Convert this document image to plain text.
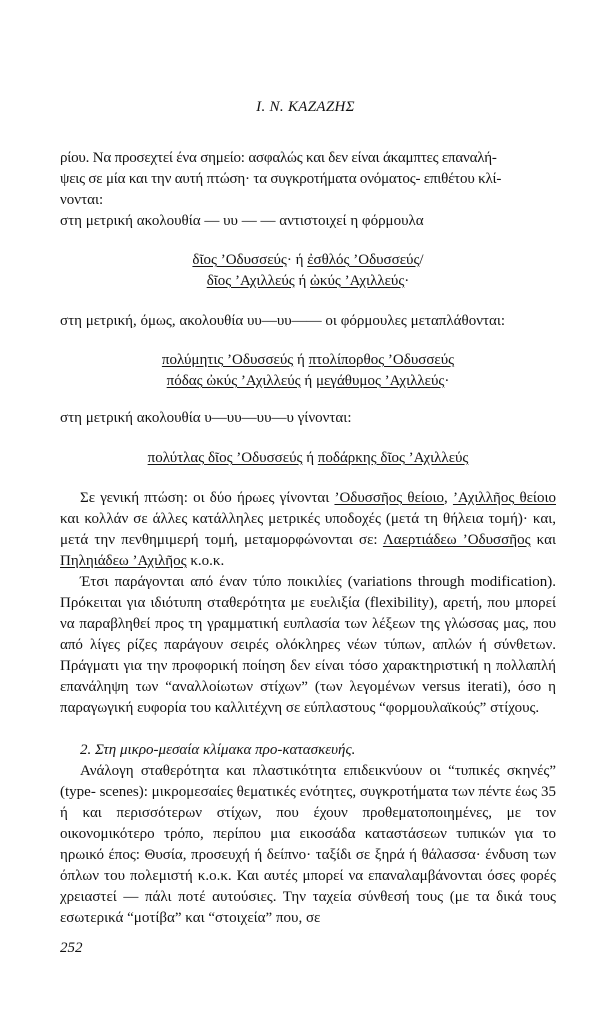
Ι. Ν. ΚΑΖΑΖΗΣ
ρίου. Να προσεχτεί ένα σημείο: ασφαλώς και δεν είναι άκαμπτες επαναλή-
ψεις σε μία και την αυτή πτώση· τα συγκροτήματα ονόματος- επιθέτου κλί-
νονται:
στη μετρική ακολουθία — υυ — — αντιστοιχεί η φόρμουλα
δῖος ’Οδυσσεύς· ή ἐσθλός ’Οδυσσεύς/
δῖος ’Αχιλλεύς ή ὠκύς ’Αχιλλεύς·
στη μετρική, όμως, ακολουθία υυ—υυ—— οι φόρμουλες μεταπλάθονται:
πολύμητις ’Οδυσσεύς ή πτολίπορθος ’Οδυσσεύς
πόδας ὠκύς ’Αχιλλεύς ή μεγάθυμος ’Αχιλλεύς·
στη μετρική ακολουθία υ—υυ—υυ—υ γίνονται:
πολύτλας δῖος ’Οδυσσεύς ή ποδάρκης δῖος ’Αχιλλεύς

Σε γενική πτώση: οι δύο ήρωες γίνονται ’Οδυσσῆος θείοιο, ’Αχιλλῆος θείοιο και κολλάν σε άλλες κατάλληλες μετρικές υποδοχές (μετά τη θήλεια τομή)· και, μετά την πενθημιμερή τομή, μεταμορφώνονται σε: Λαερτιάδεω ’Οδυσσῆος και Πηληιάδεω ’Αχιλῆος κ.ο.κ.

Έτσι παράγονται από έναν τύπο ποικιλίες (variations through modification). Πρόκειται για ιδιότυπη σταθερότητα με ευελιξία (flexibility), αρετή, που μπορεί να παραβληθεί προς τη γραμματική ευπλασία των λέξεων της γλώσσας μας, που από λίγες ρίζες παράγουν σειρές ολόκληρες νέων τύπων, απλών ή σύνθετων. Πράγματι για την προφορική ποίηση δεν είναι τόσο χαρακτηριστική η πολλαπλή επανάληψη των “αναλλοίωτων στίχων” (των λεγομένων versus iterati), όσο η παραγωγική ευφορία του καλλιτέχνη σε εύπλαστους “φορμουλαϊκούς” στίχους.

2. Στη μικρο-μεσαία κλίμακα προ-κατασκευής.

Ανάλογη σταθερότητα και πλαστικότητα επιδεικνύουν οι “τυπικές σκηνές” (type- scenes): μικρομεσαίες θεματικές ενότητες, συγκροτήματα των πέντε έως 35 ή και περισσότερων στίχων, που έχουν προθεματοποιημένες, με τον οικονομικότερο τρόπο, περίπου μια εικοσάδα καταστάσεων τυπικών για το ηρωικό έπος: Θυσία, προσευχή ή δείπνο· ταξίδι σε ξηρά ή θάλασσα· ένδυση των όπλων του πολεμιστή κ.ο.κ. Και αυτές μπορεί να επαναλαμβάνονται όσες φορές χρειαστεί — πάλι ποτέ αυτούσιες. Την ταχεία σύνθεσή τους (με τα δικά τους εσωτερικά “μοτίβα” και “στοιχεία” που, σε

252
